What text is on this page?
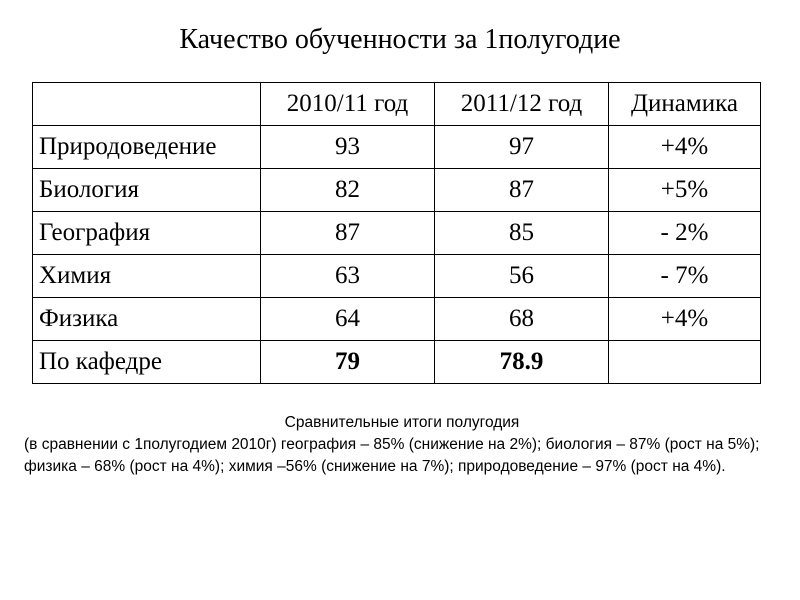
Качество обученности за 1полугодие
	2010/11 год	2011/12 год	Динамика
Природоведение	93	97	+4%
Биология	82	87	+5%
География	87	85	- 2%
Химия	63	56	- 7%
Физика	64	68	+4%
По кафедре	79	78.9	
Сравнительные итоги полугодия
(в сравнении с 1полугодием 2010г) география – 85% (снижение на 2%); биология – 87% (рост на 5%); физика – 68% (рост на 4%); химия –56% (снижение на 7%); природоведение – 97% (рост на 4%).
